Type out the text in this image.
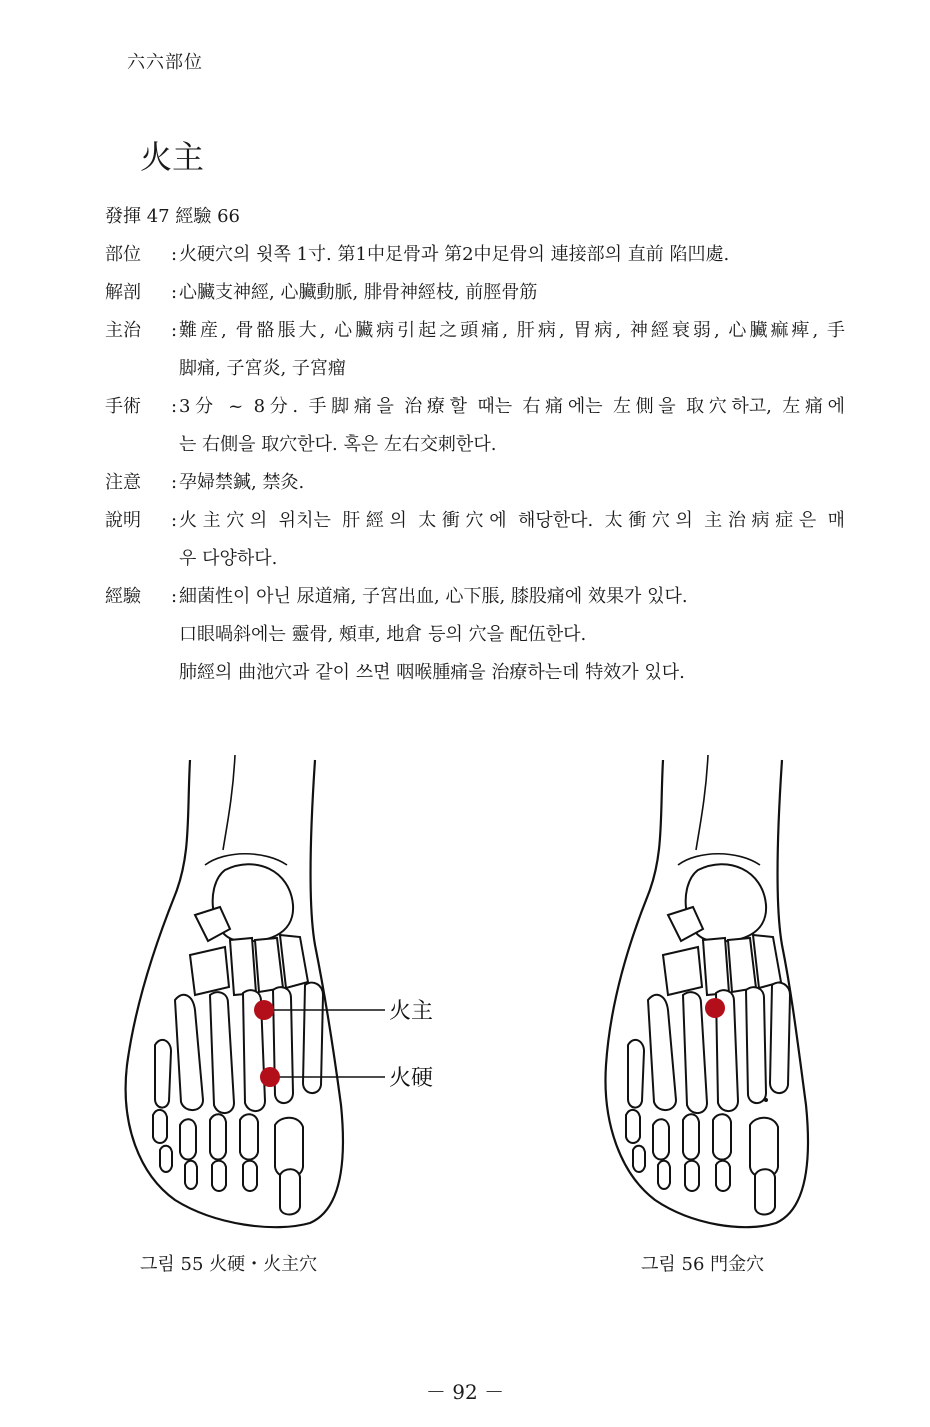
六六部位
火主
發揮 47 經驗 66
部位	: 火硬穴의 윗쪽 1寸. 第1中足骨과 第2中足骨의 連接部의 直前 陷凹處.
解剖	: 心臟支神經, 心臟動脈, 腓骨神經枝, 前脛骨筋
主治	: 難産, 骨骼脹大, 心臟病引起之頭痛, 肝病, 胃病, 神經衰弱, 心臟痲痺, 手
脚痛, 子宮炎, 子宮瘤
手術	: 3分 ~ 8分. 手脚痛을 治療할 때는 右痛에는 左側을 取穴하고, 左痛에
는 右側을 取穴한다. 혹은 左右交刺한다.
注意	: 孕婦禁鍼, 禁灸.
說明	: 火主穴의 위치는 肝經의 太衝穴에 해당한다. 太衝穴의 主治病症은 매
우 다양하다.
經驗	: 細菌性이 아닌 尿道痛, 子宮出血, 心下脹, 膝股痛에 效果가 있다.
口眼喎斜에는 靈骨, 頰車, 地倉 등의 穴을 配伍한다.
肺經의 曲池穴과 같이 쓰면 咽喉腫痛을 治療하는데 特效가 있다.
火主
火硬
그림 55 火硬・火主穴	그림 56 門金穴
－ 92 －
